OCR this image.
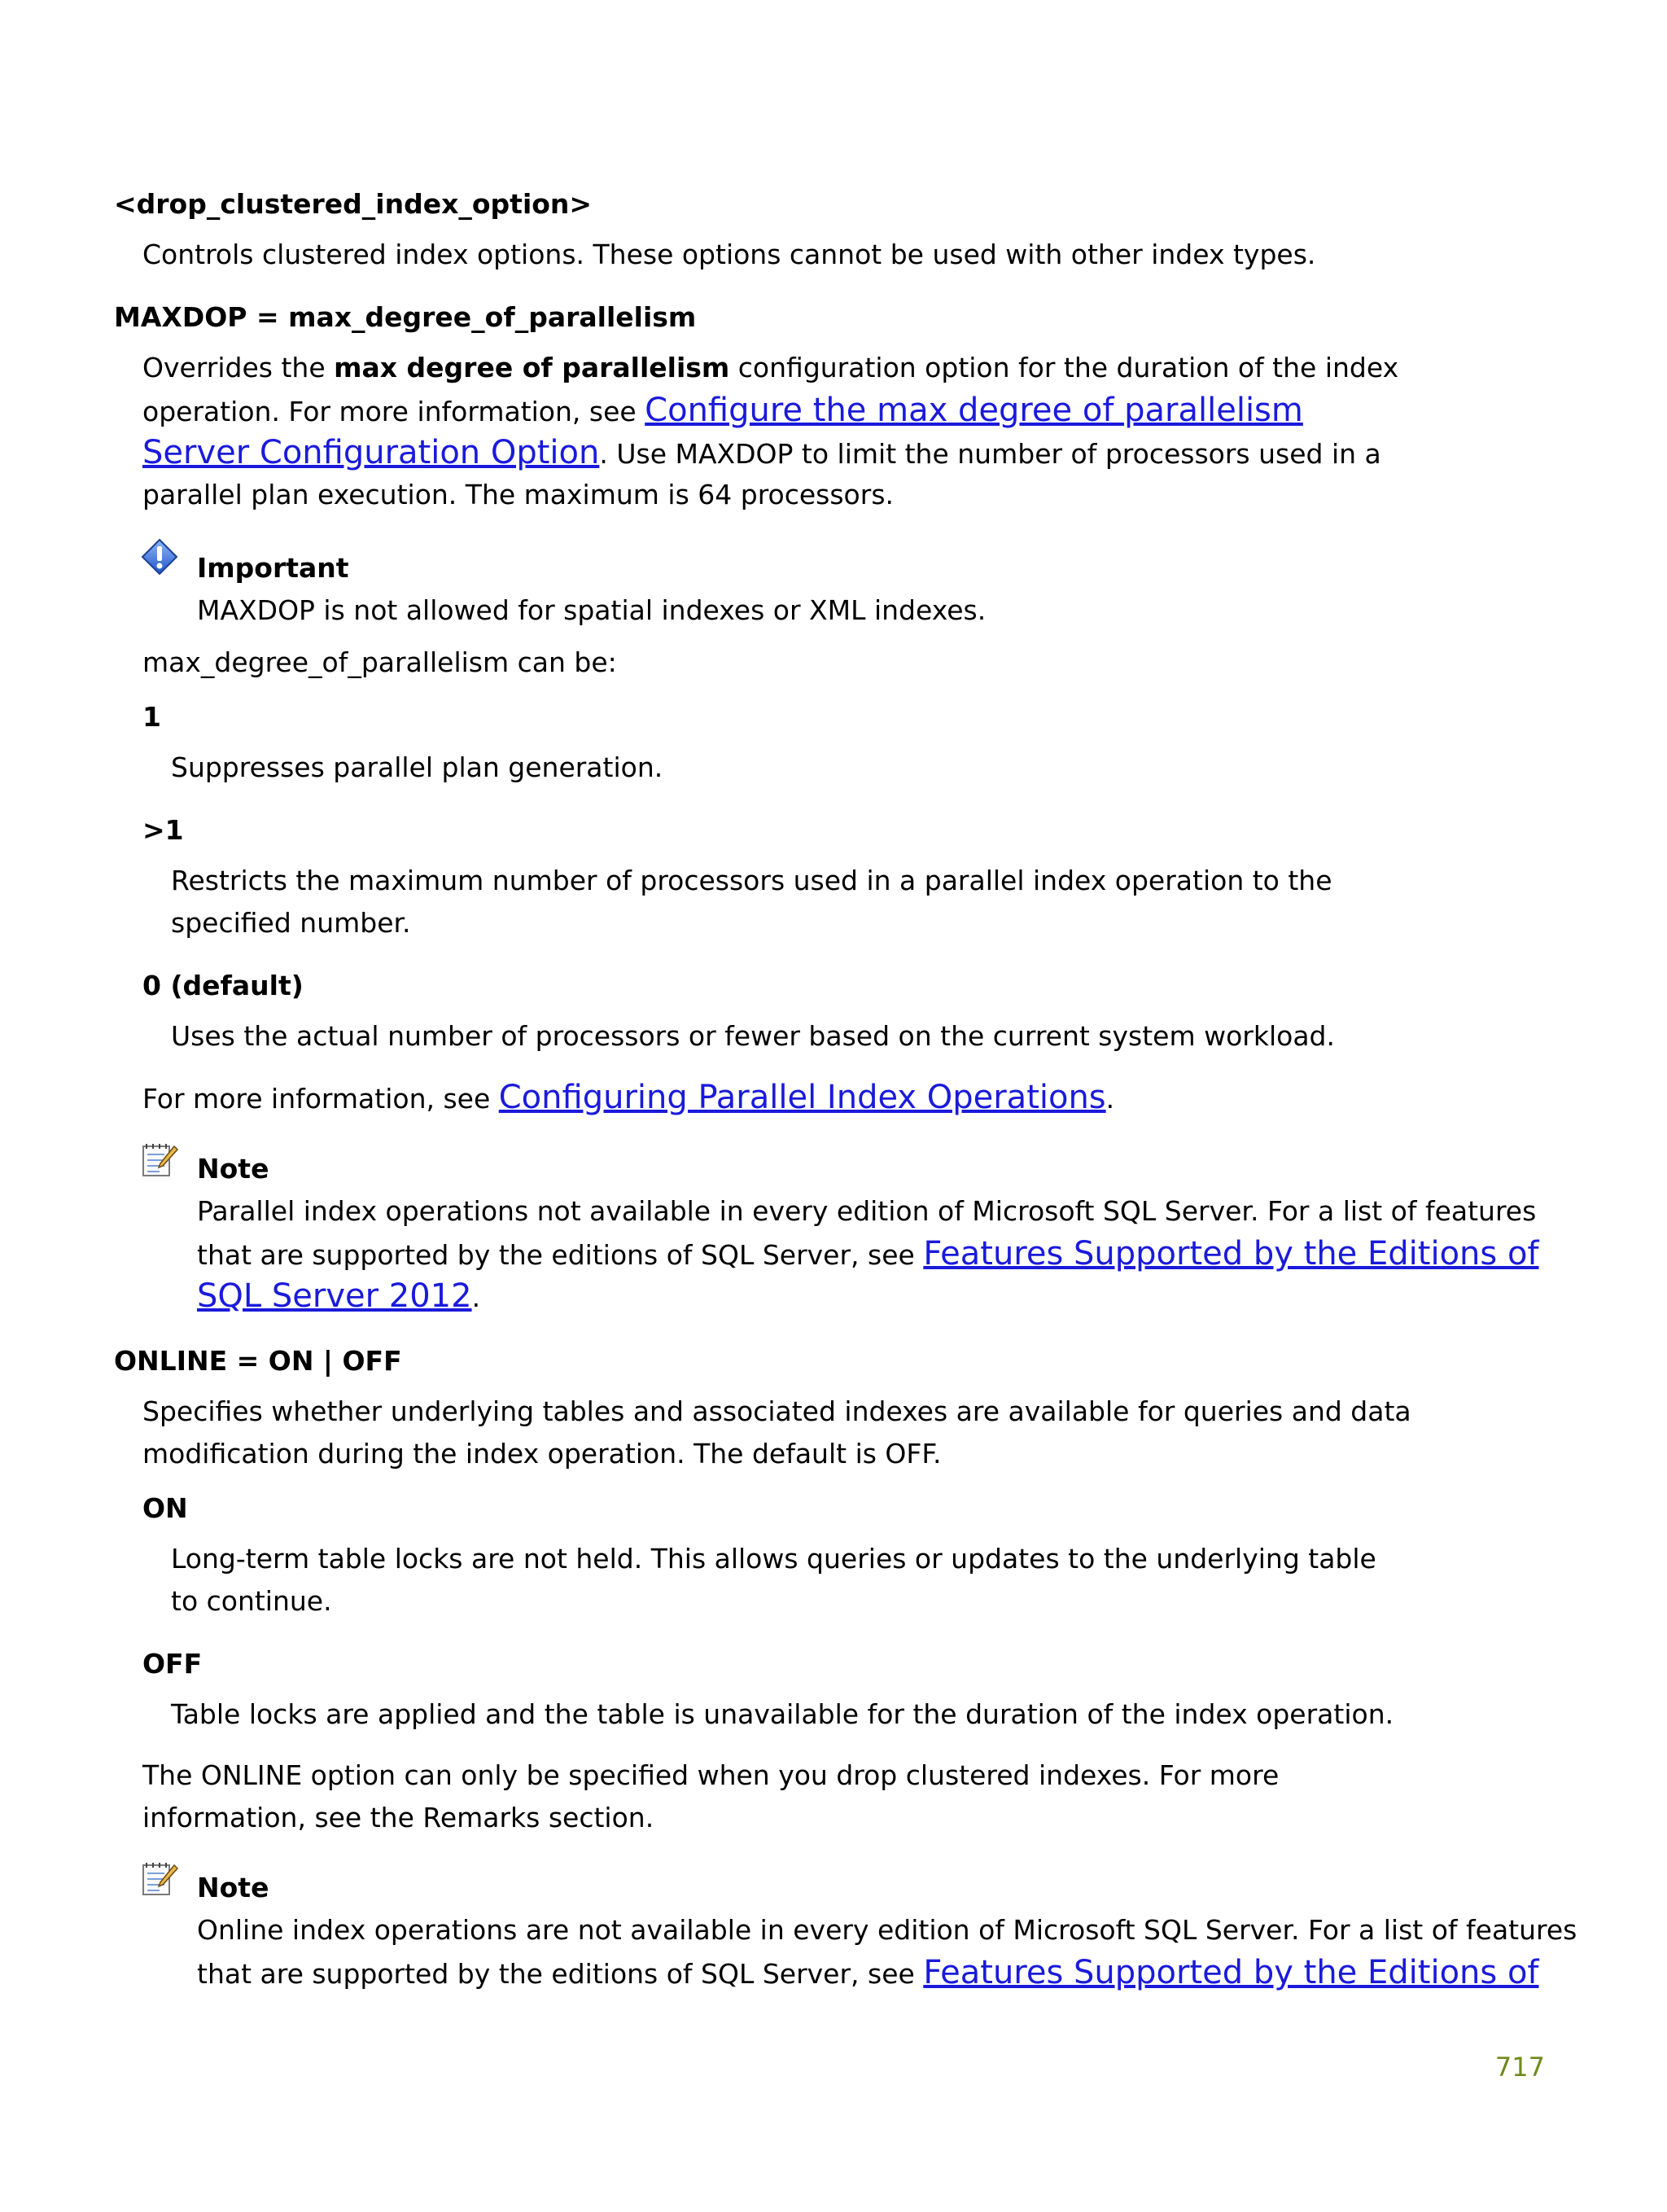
<drop_clustered_index_option>

Controls clustered index options. These options cannot be used with other index types.

MAXDOP = max_degree_of_parallelism

Overrides the max degree of parallelism configuration option for the duration of the index

operation. For more information, see Configure the max degree of parallelism

Server Configuration Option. Use MAXDOP to limit the number of processors used in a

parallel plan execution. The maximum is 64 processors.

Important

MAXDOP is not allowed for spatial indexes or XML indexes.

max_degree_of_parallelism can be:

1

Suppresses parallel plan generation.

>1

Restricts the maximum number of processors used in a parallel index operation to the

specified number.

0 (default)

Uses the actual number of processors or fewer based on the current system workload.

For more information, see Configuring Parallel Index Operations.

Note

Parallel index operations not available in every edition of Microsoft SQL Server. For a list of features

that are supported by the editions of SQL Server, see Features Supported by the Editions of

SQL Server 2012.

ONLINE = ON | OFF

Specifies whether underlying tables and associated indexes are available for queries and data

modification during the index operation. The default is OFF.

ON

Long-term table locks are not held. This allows queries or updates to the underlying table

to continue.

OFF

Table locks are applied and the table is unavailable for the duration of the index operation.

The ONLINE option can only be specified when you drop clustered indexes. For more

information, see the Remarks section.

Note

Online index operations are not available in every edition of Microsoft SQL Server. For a list of features

that are supported by the editions of SQL Server, see Features Supported by the Editions of

717
